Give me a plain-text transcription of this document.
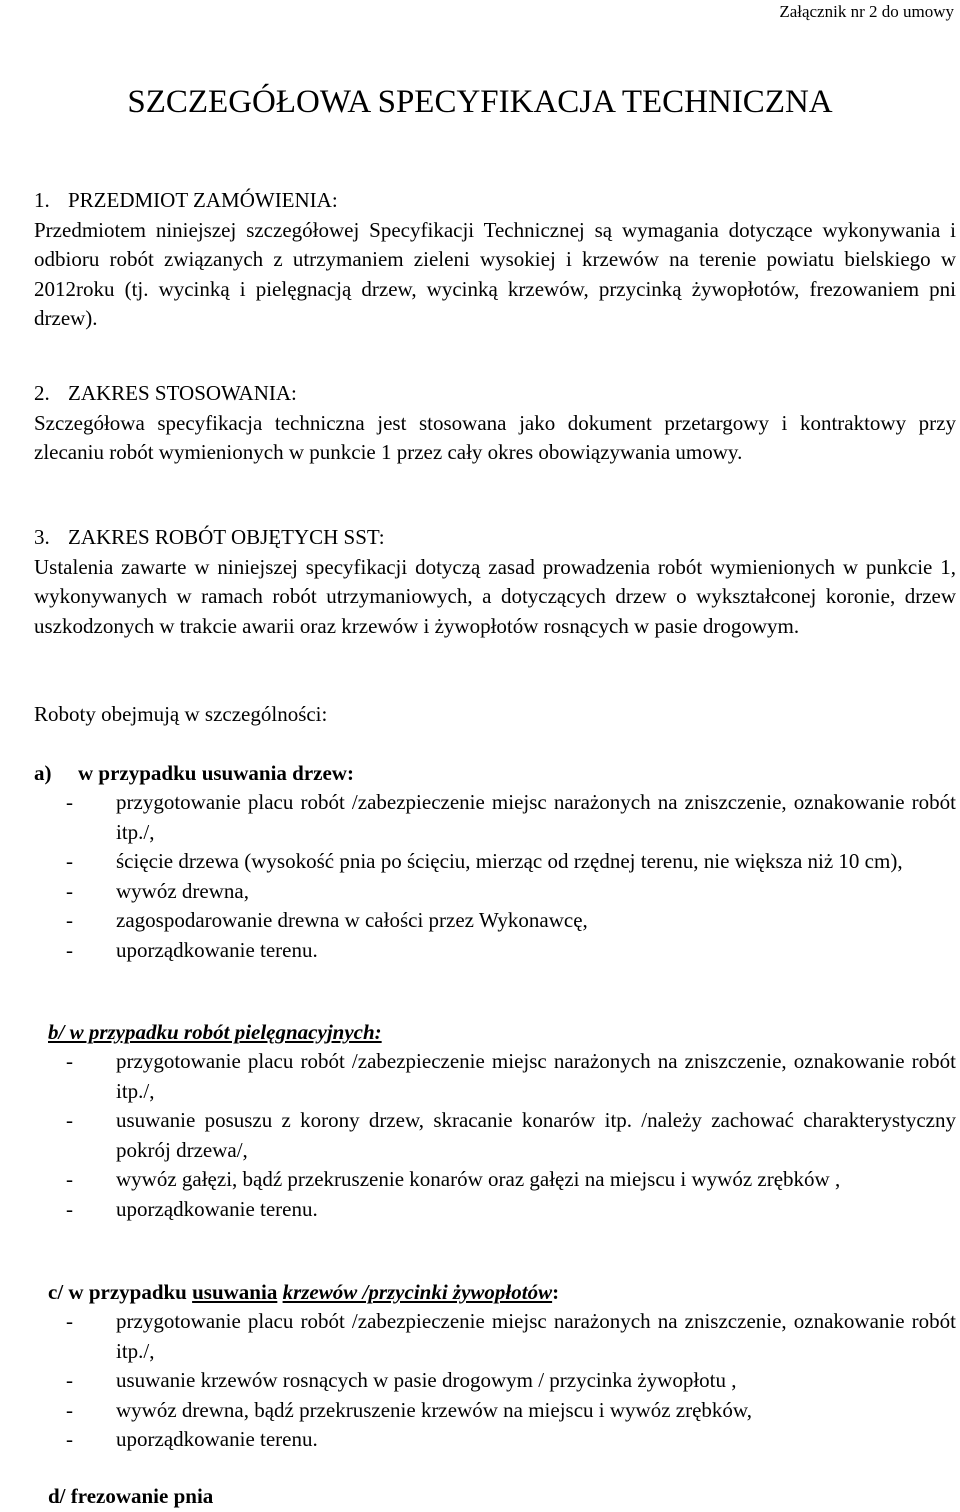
Załącznik nr 2 do umowy
SZCZEGÓŁOWA SPECYFIKACJA TECHNICZNA
1. PRZEDMIOT ZAMÓWIENIA:
Przedmiotem niniejszej szczegółowej Specyfikacji Technicznej są wymagania dotyczące wykonywania i odbioru robót związanych z utrzymaniem zieleni wysokiej i krzewów na terenie powiatu bielskiego w 2012roku (tj. wycinką i pielęgnacją drzew, wycinką krzewów, przycinką żywopłotów, frezowaniem pni drzew).
2. ZAKRES STOSOWANIA:
Szczegółowa specyfikacja techniczna jest stosowana jako dokument przetargowy i kontraktowy przy zlecaniu robót wymienionych w punkcie 1 przez cały okres obowiązywania umowy.
3. ZAKRES ROBÓT OBJĘTYCH SST:
Ustalenia zawarte w niniejszej specyfikacji dotyczą zasad prowadzenia robót wymienionych w punkcie 1, wykonywanych w ramach robót utrzymaniowych, a dotyczących drzew o wykształconej koronie, drzew uszkodzonych w trakcie awarii oraz krzewów i żywopłotów rosnących w pasie drogowym.
Roboty obejmują w szczególności:
a) w przypadku usuwania drzew:
- przygotowanie placu robót /zabezpieczenie miejsc narażonych na zniszczenie, oznakowanie robót itp./,
- ścięcie drzewa (wysokość pnia po ścięciu, mierząc od rzędnej terenu, nie większa niż 10 cm),
- wywóz drewna,
- zagospodarowanie drewna w całości przez Wykonawcę,
- uporządkowanie terenu.
b/ w przypadku robót pielęgnacyjnych:
- przygotowanie placu robót /zabezpieczenie miejsc narażonych na zniszczenie, oznakowanie robót itp./,
- usuwanie posuszu z korony drzew, skracanie konarów itp. /należy zachować charakterystyczny pokrój drzewa/,
- wywóz gałęzi, bądź przekruszenie konarów oraz gałęzi na miejscu i wywóz zrębków ,
- uporządkowanie terenu.
c/ w przypadku usuwania krzewów /przycinki żywopłotów:
- przygotowanie placu robót /zabezpieczenie miejsc narażonych na zniszczenie, oznakowanie robót itp./,
- usuwanie krzewów rosnących w pasie drogowym / przycinka żywopłotu ,
- wywóz drewna, bądź przekruszenie krzewów na miejscu i wywóz zrębków,
- uporządkowanie terenu.
d/ frezowanie pnia
